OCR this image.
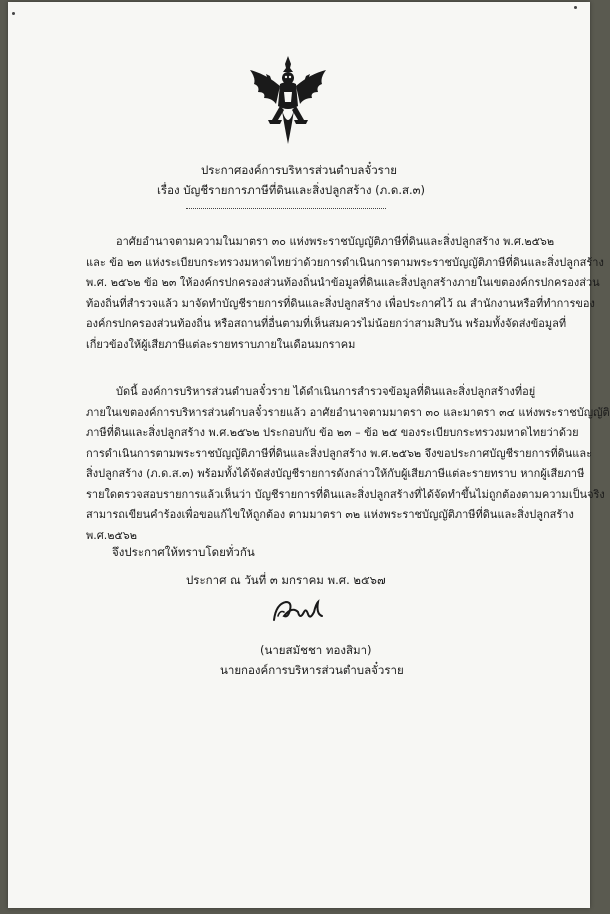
ประกาศองค์การบริหารส่วนตำบลจั๋วราย
เรื่อง บัญชีรายการภาษีที่ดินและสิ่งปลูกสร้าง (ภ.ด.ส.๓)
อาศัยอำนาจตามความในมาตรา ๓๐ แห่งพระราชบัญญัติภาษีที่ดินและสิ่งปลูกสร้าง พ.ศ.๒๕๖๒
และ ข้อ ๒๓ แห่งระเบียบกระทรวงมหาดไทยว่าด้วยการดำเนินการตามพระราชบัญญัติภาษีที่ดินและสิ่งปลูกสร้าง
พ.ศ. ๒๕๖๒ ข้อ ๒๓ ให้องค์กรปกครองส่วนท้องถิ่นนำข้อมูลที่ดินและสิ่งปลูกสร้างภายในเขตองค์กรปกครองส่วน
ท้องถิ่นที่สำรวจแล้ว มาจัดทำบัญชีรายการที่ดินและสิ่งปลูกสร้าง เพื่อประกาศไว้ ณ สำนักงานหรือที่ทำการของ
องค์กรปกครองส่วนท้องถิ่น หรือสถานที่อื่นตามที่เห็นสมควรไม่น้อยกว่าสามสิบวัน พร้อมทั้งจัดส่งข้อมูลที่
เกี่ยวข้องให้ผู้เสียภาษีแต่ละรายทราบภายในเดือนมกราคม
บัดนี้ องค์การบริหารส่วนตำบลจั๋วราย ได้ดำเนินการสำรวจข้อมูลที่ดินและสิ่งปลูกสร้างที่อยู่
ภายในเขตองค์การบริหารส่วนตำบลจั๋วรายแล้ว อาศัยอำนาจตามมาตรา ๓๐ และมาตรา ๓๔ แห่งพระราชบัญญัติ
ภาษีที่ดินและสิ่งปลูกสร้าง พ.ศ.๒๕๖๒ ประกอบกับ ข้อ ๒๓ – ข้อ ๒๕ ของระเบียบกระทรวงมหาดไทยว่าด้วย
การดำเนินการตามพระราชบัญญัติภาษีที่ดินและสิ่งปลูกสร้าง พ.ศ.๒๕๖๒ จึงขอประกาศบัญชีรายการที่ดินและ
สิ่งปลูกสร้าง (ภ.ด.ส.๓) พร้อมทั้งได้จัดส่งบัญชีรายการดังกล่าวให้กับผู้เสียภาษีแต่ละรายทราบ หากผู้เสียภาษี
รายใดตรวจสอบรายการแล้วเห็นว่า บัญชีรายการที่ดินและสิ่งปลูกสร้างที่ได้จัดทำขึ้นไม่ถูกต้องตามความเป็นจริง
สามารถเขียนคำร้องเพื่อขอแก้ไขให้ถูกต้อง ตามมาตรา ๓๒ แห่งพระราชบัญญัติภาษีที่ดินและสิ่งปลูกสร้าง
พ.ศ.๒๕๖๒
จึงประกาศให้ทราบโดยทั่วกัน
ประกาศ ณ วันที่ ๓ มกราคม พ.ศ. ๒๕๖๗
(นายสมัชชา ทองสิมา)
นายกองค์การบริหารส่วนตำบลจั๋วราย
